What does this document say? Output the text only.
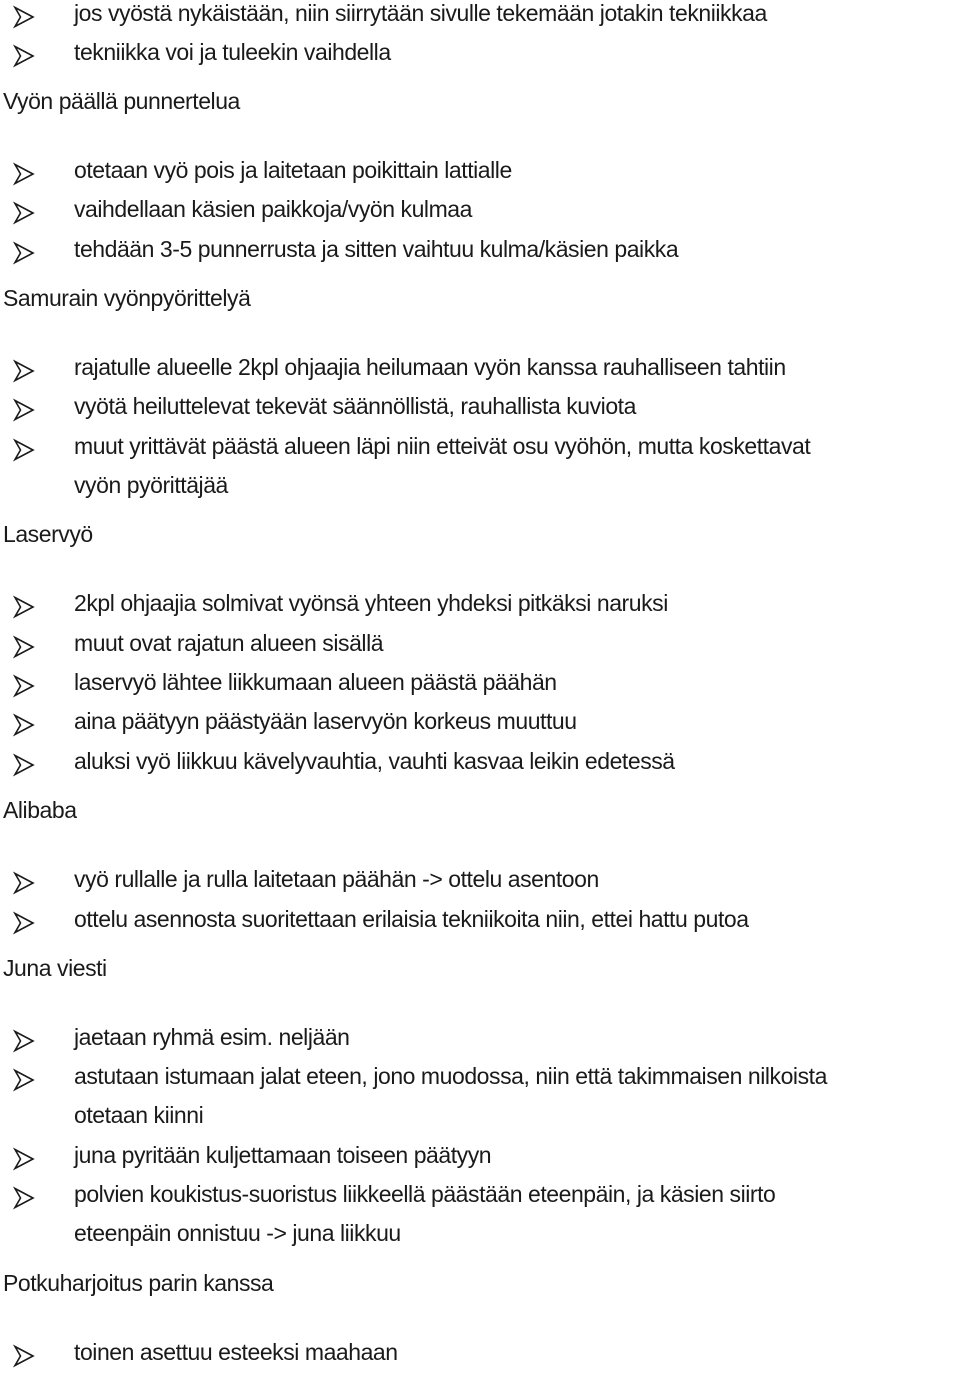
jos vyöstä nykäistään, niin siirrytään sivulle tekemään jotakin tekniikkaa
tekniikka voi ja tuleekin vaihdella
Vyön päällä punnertelua
otetaan vyö pois ja laitetaan poikittain lattialle
vaihdellaan käsien paikkoja/vyön kulmaa
tehdään 3-5 punnerrusta ja sitten vaihtuu kulma/käsien paikka
Samurain vyönpyörittelyä
rajatulle alueelle 2kpl ohjaajia heilumaan vyön kanssa rauhalliseen tahtiin
vyötä heiluttelevat tekevät säännöllistä, rauhallista kuviota
muut yrittävät päästä alueen läpi niin etteivät osu vyöhön, mutta koskettavat
vyön pyörittäjää
Laservyö
2kpl ohjaajia solmivat vyönsä yhteen yhdeksi pitkäksi naruksi
muut ovat rajatun alueen sisällä
laservyö lähtee liikkumaan alueen päästä päähän
aina päätyyn päästyään laservyön korkeus muuttuu
aluksi vyö liikkuu kävelyvauhtia, vauhti kasvaa leikin edetessä
Alibaba
vyö rullalle ja rulla laitetaan päähän -> ottelu asentoon
ottelu asennosta suoritettaan erilaisia tekniikoita niin, ettei hattu putoa
Juna viesti
jaetaan ryhmä esim. neljään
astutaan istumaan jalat eteen, jono muodossa, niin että takimmaisen nilkoista
otetaan kiinni
juna pyritään kuljettamaan toiseen päätyyn
polvien koukistus-suoristus liikkeellä päästään eteenpäin, ja käsien siirto
eteenpäin onnistuu -> juna liikkuu
Potkuharjoitus parin kanssa
toinen asettuu esteeksi maahaan
